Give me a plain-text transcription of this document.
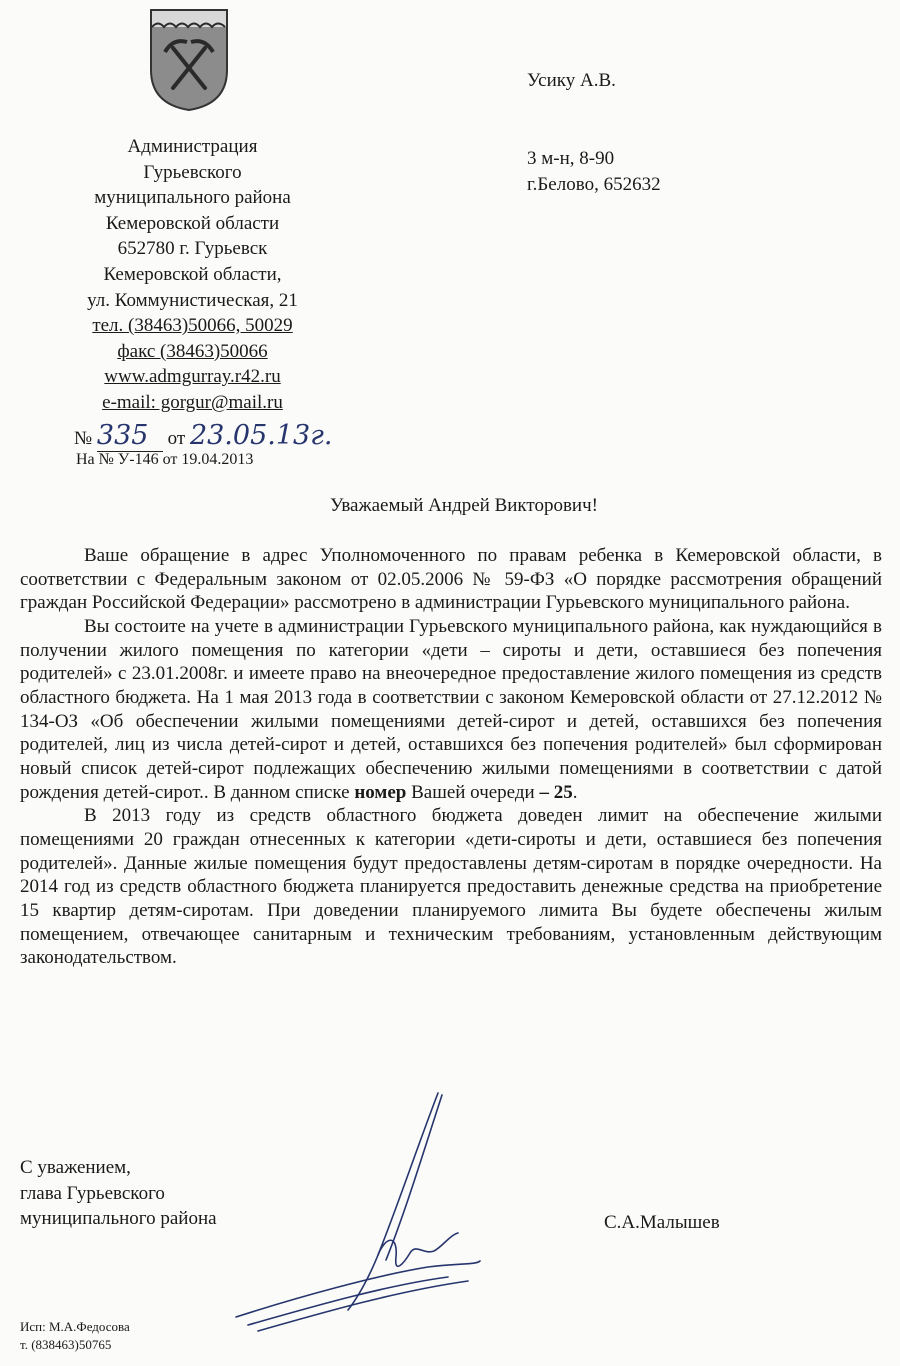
Администрация
Гурьевского
муниципального района
Кемеровской области
652780 г. Гурьевск
Кемеровской области,
ул. Коммунистическая, 21
тел. (38463)50066, 50029
факс (38463)50066
www.admgurray.r42.ru
e-mail: gorgur@mail.ru
№ 335 от 23.05.13г.
На № У-146 от 19.04.2013
Усику А.В.
3 м-н, 8-90
г.Белово, 652632
Уважаемый Андрей Викторович!

Ваше обращение в адрес Уполномоченного по правам ребенка в Кемеровской области, в соответствии с Федеральным законом от 02.05.2006 № 59-ФЗ «О порядке рассмотрения обращений граждан Российской Федерации» рассмотрено в администрации Гурьевского муниципального района.

Вы состоите на учете в администрации Гурьевского муниципального района, как нуждающийся в получении жилого помещения по категории «дети – сироты и дети, оставшиеся без попечения родителей» с 23.01.2008г. и имеете право на внеочередное предоставление жилого помещения из средств областного бюджета. На 1 мая 2013 года в соответствии с законом Кемеровской области от 27.12.2012 № 134-ОЗ «Об обеспечении жилыми помещениями детей-сирот и детей, оставшихся без попечения родителей, лиц из числа детей-сирот и детей, оставшихся без попечения родителей» был сформирован новый список детей-сирот подлежащих обеспечению жилыми помещениями в соответствии с датой рождения детей-сирот.. В данном списке номер Вашей очереди – 25.

В 2013 году из средств областного бюджета доведен лимит на обеспечение жилыми помещениями 20 граждан отнесенных к категории «дети-сироты и дети, оставшиеся без попечения родителей». Данные жилые помещения будут предоставлены детям-сиротам в порядке очередности. На 2014 год из средств областного бюджета планируется предоставить денежные средства на приобретение 15 квартир детям-сиротам. При доведении планируемого лимита Вы будете обеспечены жилым помещением, отвечающее санитарным и техническим требованиям, установленным действующим законодательством.

С уважением,
глава Гурьевского
муниципального района	С.А.Малышев
Исп: М.А.Федосова
т. (838463)50765
